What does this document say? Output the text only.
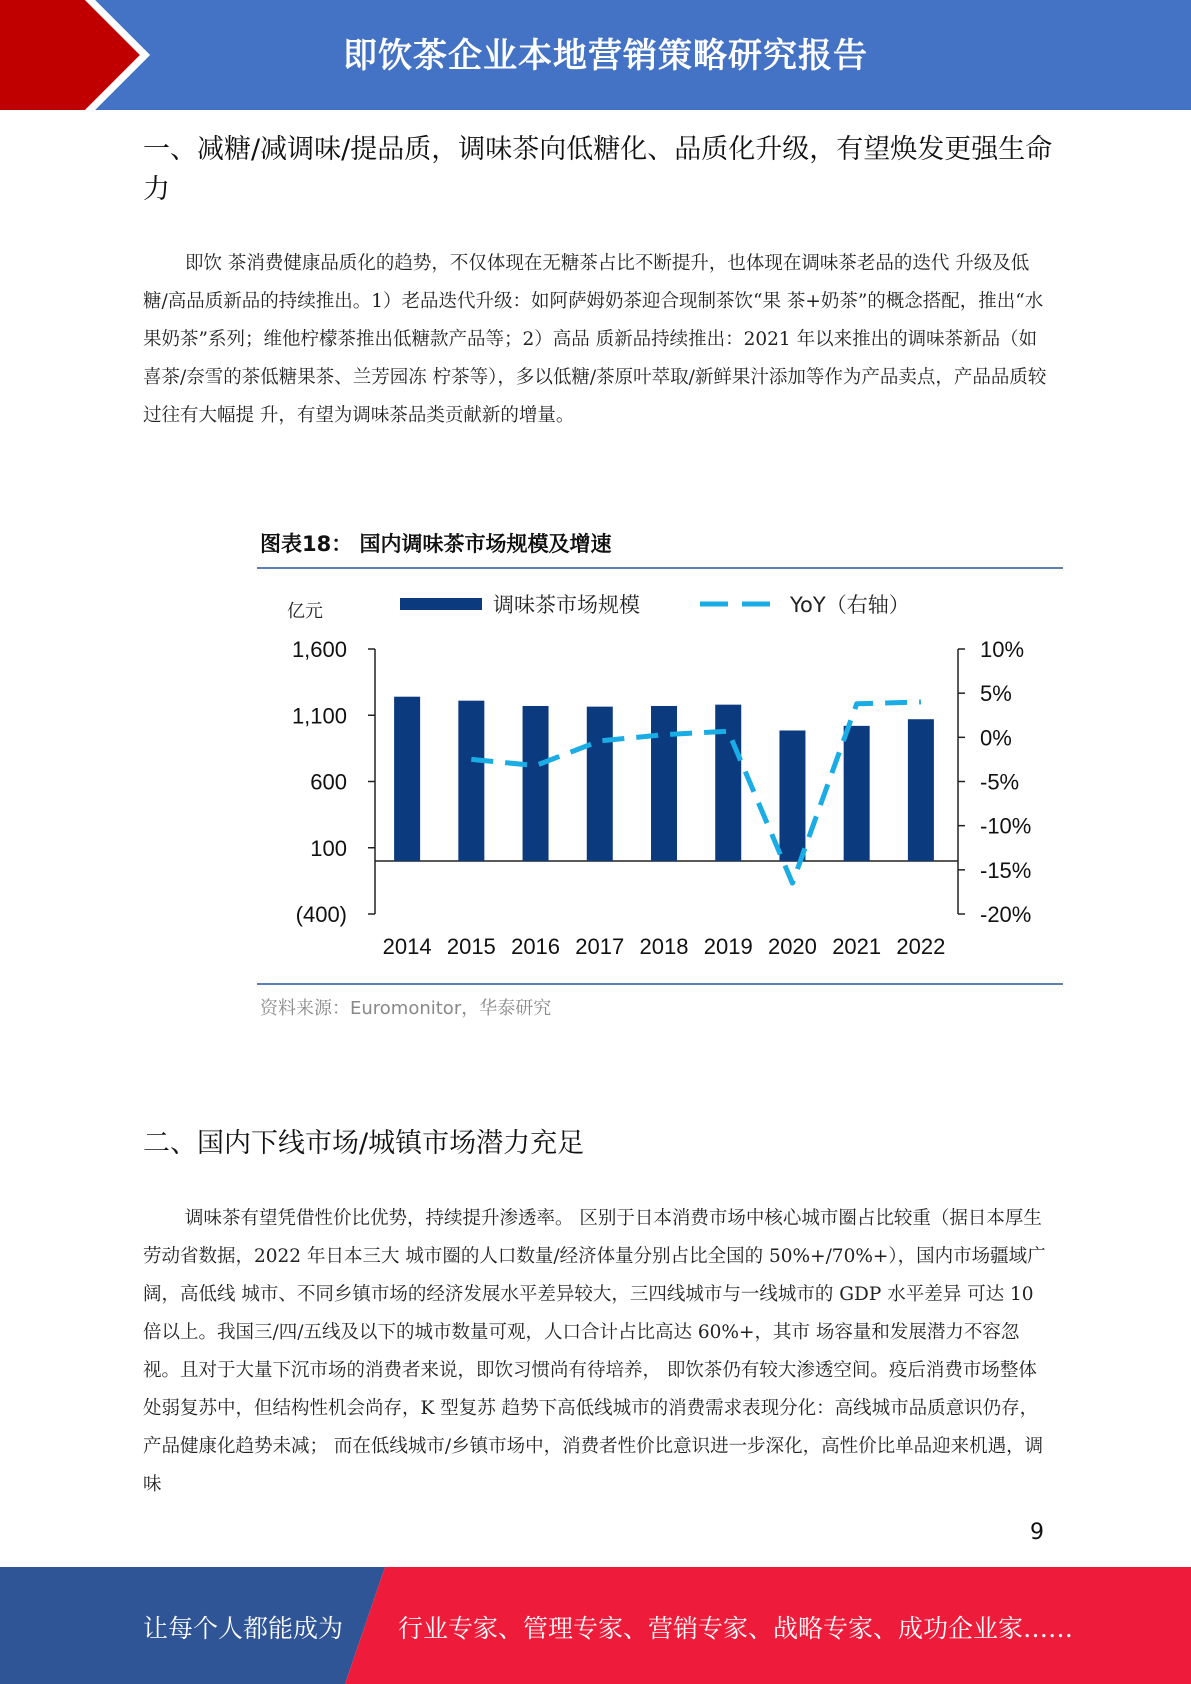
即饮茶企业本地营销策略研究报告
一、减糖/减调味/提品质，调味茶向低糖化、品质化升级，有望焕发更强生命力

即饮 茶消费健康品质化的趋势，不仅体现在无糖茶占比不断提升，也体现在调味茶老品的迭代 升级及低糖/高品质新品的持续推出。1）老品迭代升级：如阿萨姆奶茶迎合现制茶饮“果 茶+奶茶”的概念搭配，推出“水果奶茶”系列；维他柠檬茶推出低糖款产品等；2）高品 质新品持续推出：2021 年以来推出的调味茶新品（如喜茶/奈雪的茶低糖果茶、兰芳园冻 柠茶等），多以低糖/茶原叶萃取/新鲜果汁添加等作为产品卖点，产品品质较过往有大幅提 升，有望为调味茶品类贡献新的增量。

图表18： 国内调味茶市场规模及增速
资料来源：Euromonitor，华泰研究
亿元	调味茶市场规模	YoY（右轴）
1,600
1,100
600
100
(400)
10%
5%
0%
-5%
-10%
-15%
-20%
2014 2015 2016 2017 2018 2019 2020 2021 2022
二、国内下线市场/城镇市场潜力充足

调味茶有望凭借性价比优势，持续提升渗透率。 区别于日本消费市场中核心城市圈占比较重（据日本厚生劳动省数据，2022 年日本三大 城市圈的人口数量/经济体量分别占比全国的 50%+/70%+），国内市场疆域广阔，高低线 城市、不同乡镇市场的经济发展水平差异较大，三四线城市与一线城市的 GDP 水平差异 可达 10 倍以上。我国三/四/五线及以下的城市数量可观，人口合计占比高达 60%+，其市 场容量和发展潜力不容忽视。且对于大量下沉市场的消费者来说，即饮习惯尚有待培养， 即饮茶仍有较大渗透空间。疫后消费市场整体处弱复苏中，但结构性机会尚存，K 型复苏 趋势下高低线城市的消费需求表现分化：高线城市品质意识仍存，产品健康化趋势未减； 而在低线城市/乡镇市场中，消费者性价比意识进一步深化，高性价比单品迎来机遇，调味

9
让每个人都能成为 行业专家、管理专家、营销专家、战略专家、成功企业家……
